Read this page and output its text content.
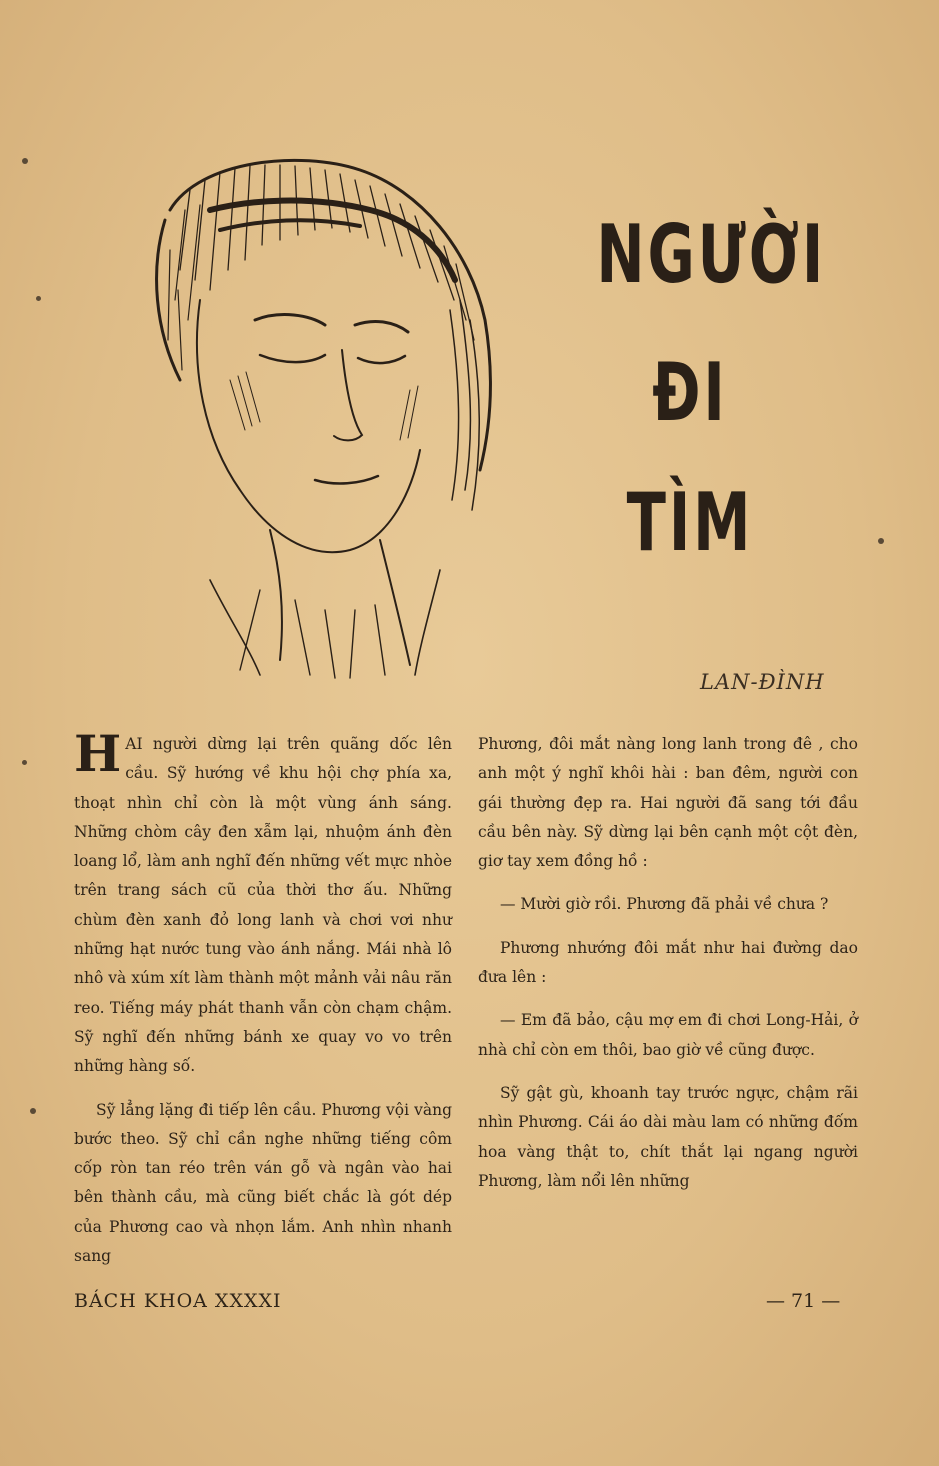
NGƯỜI
ĐI
TÌM
LAN-ĐÌNH

HAI người dừng lại trên quãng dốc lên cầu. Sỹ hướng về khu hội chợ phía xa, thoạt nhìn chỉ còn là một vùng ánh sáng. Những chòm cây đen xẫm lại, nhuộm ánh đèn loang lổ, làm anh nghĩ đến những vết mực nhòe trên trang sách cũ của thời thơ ấu. Những chùm đèn xanh đỏ long lanh và chơi vơi như những hạt nước tung vào ánh nắng. Mái nhà lô nhô và xúm xít làm thành một mảnh vải nâu răn reo. Tiếng máy phát thanh vẫn còn chạm chậm. Sỹ nghĩ đến những bánh xe quay vo vo trên những hàng số.

Sỹ lẳng lặng đi tiếp lên cầu. Phương vội vàng bước theo. Sỹ chỉ cần nghe những tiếng côm cốp ròn tan réo trên ván gỗ và ngân vào hai bên thành cầu, mà cũng biết chắc là gót dép của Phương cao và nhọn lắm. Anh nhìn nhanh sang

Phương, đôi mắt nàng long lanh trong đê , cho anh một ý nghĩ khôi hài : ban đêm, người con gái thường đẹp ra. Hai người đã sang tới đầu cầu bên này. Sỹ dừng lại bên cạnh một cột đèn, giơ tay xem đồng hồ :

— Mười giờ rồi. Phương đã phải về chưa ?

Phương nhướng đôi mắt như hai đường dao đưa lên :

— Em đã bảo, cậu mợ em đi chơi Long-Hải, ở nhà chỉ còn em thôi, bao giờ về cũng được.

Sỹ gật gù, khoanh tay trước ngực, chậm rãi nhìn Phương. Cái áo dài màu lam có những đốm hoa vàng thật to, chít thắt lại ngang người Phương, làm nổi lên những

BÁCH KHOA XXXXI	— 71 —
